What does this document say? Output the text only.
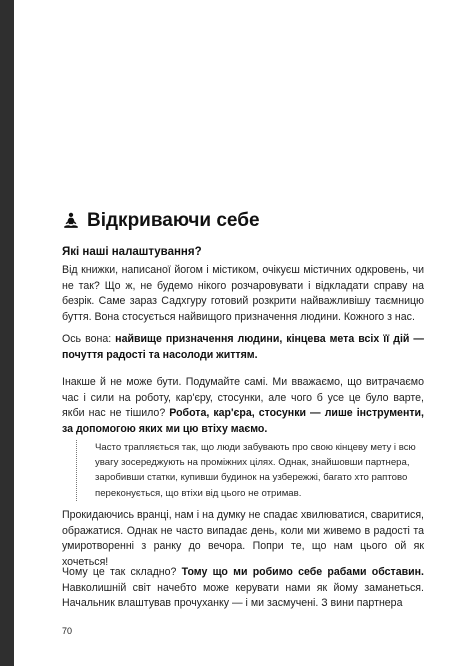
Відкриваючи себе
Які наші налаштування?

Від книжки, написаної йогом і містиком, очікуєш містичних одкровень, чи не так? Що ж, не будемо нікого розчаровувати і відкладати справу на безрік. Саме зараз Садхгуру готовий розкрити найважливішу таємницю буття. Вона стосується найвищого призначення людини. Кожного з нас.

Ось вона: найвище призначення людини, кінцева мета всіх її дій — почуття радості та насолоди життям.

Інакше й не може бути. Подумайте самі. Ми вважаємо, що витрачаємо час і сили на роботу, кар'єру, стосунки, але чого б усе це було варте, якби нас не тішило? Робота, кар'єра, стосунки — лише інструменти, за допомогою яких ми цю втіху маємо.

Часто трапляється так, що люди забувають про свою кінцеву мету і всю увагу зосереджують на проміжних цілях. Однак, знайшовши партнера, заробивши статки, купивши будинок на узбережжі, багато хто раптово переконується, що втіхи від цього не отримав.

Прокидаючись вранці, нам і на думку не спадає хвилюватися, сваритися, ображатися. Однак не часто випадає день, коли ми живемо в радості та умиротворенні з ранку до вечора. Попри те, що нам цього ой як хочеться!

Чому це так складно? Тому що ми робимо себе рабами обставин. Навколишній світ начебто може керувати нами як йому заманеться. Начальник влаштував прочуханку — і ми засмучені. З вини партнера

70
